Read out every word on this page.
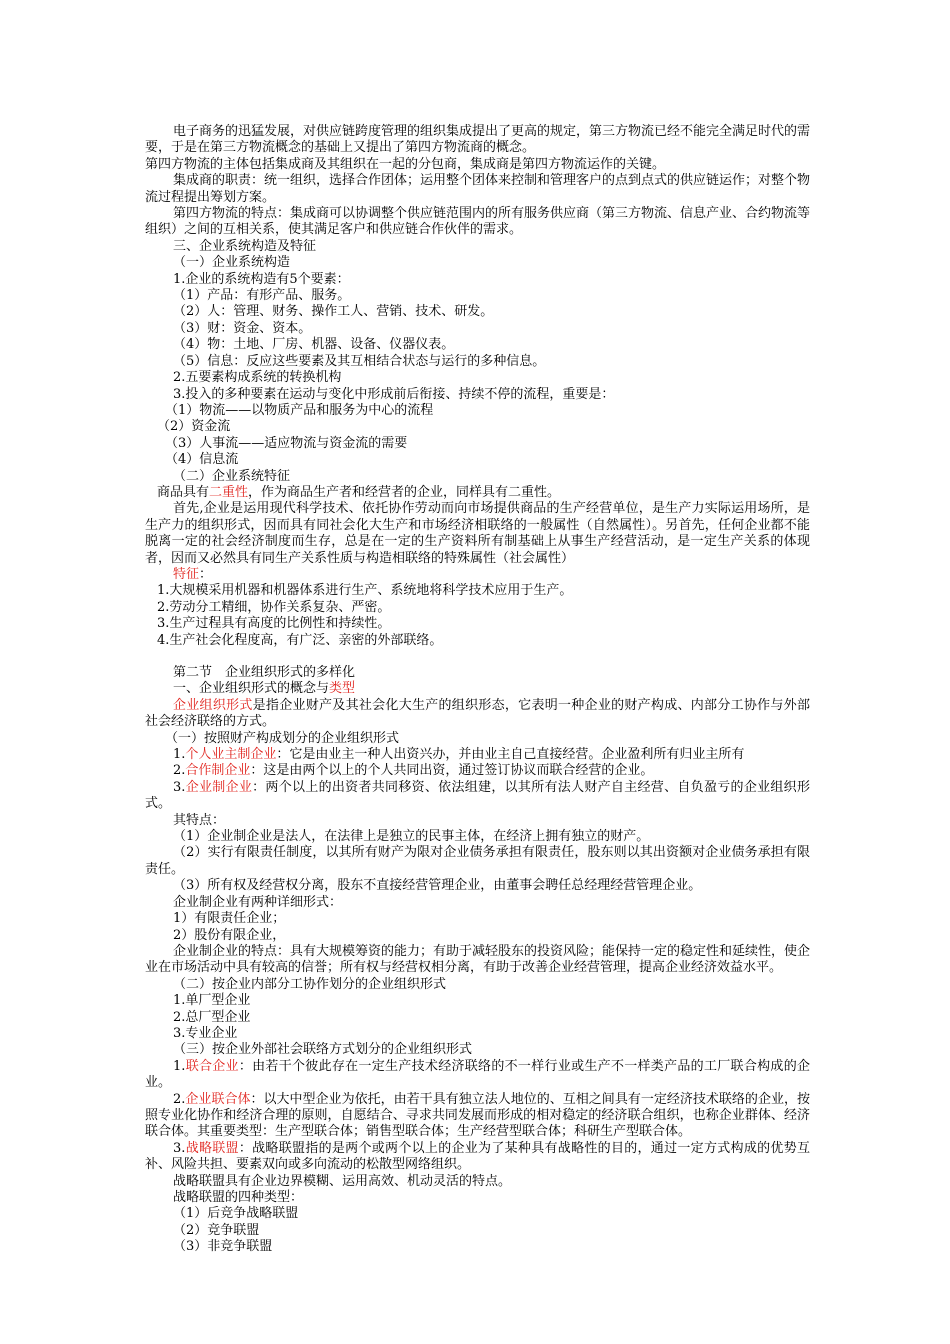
电子商务的迅猛发展，对供应链跨度管理的组织集成提出了更高的规定，第三方物流已经不能完全满足时代的需要，于是在第三方物流概念的基础上又提出了第四方物流商的概念。

第四方物流的主体包括集成商及其组织在一起的分包商，集成商是第四方物流运作的关键。

集成商的职责：统一组织，选择合作团体；运用整个团体来控制和管理客户的点到点式的供应链运作；对整个物流过程提出筹划方案。

第四方物流的特点：集成商可以协调整个供应链范围内的所有服务供应商（第三方物流、信息产业、合约物流等组织）之间的互相关系，使其满足客户和供应链合作伙伴的需求。

三、企业系统构造及特征

（一）企业系统构造

1.企业的系统构造有5个要素：

（1）产品：有形产品、服务。

（2）人：管理、财务、操作工人、营销、技术、研发。

（3）财：资金、资本。

（4）物：土地、厂房、机器、设备、仪器仪表。

（5）信息：反应这些要素及其互相结合状态与运行的多种信息。

2.五要素构成系统的转换机构

3.投入的多种要素在运动与变化中形成前后衔接、持续不停的流程，重要是：

（1）物流——以物质产品和服务为中心的流程

（2）资金流

（3）人事流——适应物流与资金流的需要

（4）信息流

（二）企业系统特征

商品具有二重性，作为商品生产者和经营者的企业，同样具有二重性。

首先,企业是运用现代科学技术、依托协作劳动而向市场提供商品的生产经营单位，是生产力实际运用场所，是生产力的组织形式，因而具有同社会化大生产和市场经济相联络的一般属性（自然属性）。另首先，任何企业都不能脱离一定的社会经济制度而生存，总是在一定的生产资料所有制基础上从事生产经营活动，是一定生产关系的体现者，因而又必然具有同生产关系性质与构造相联络的特殊属性（社会属性）

特征：

1.大规模采用机器和机器体系进行生产、系统地将科学技术应用于生产。

2.劳动分工精细，协作关系复杂、严密。

3.生产过程具有高度的比例性和持续性。

4.生产社会化程度高，有广泛、亲密的外部联络。

第二节　企业组织形式的多样化

一、企业组织形式的概念与类型

企业组织形式是指企业财产及其社会化大生产的组织形态，它表明一种企业的财产构成、内部分工协作与外部社会经济联络的方式。

（一）按照财产构成划分的企业组织形式

1.个人业主制企业：它是由业主一种人出资兴办，并由业主自己直接经营。企业盈利所有归业主所有

2.合作制企业：这是由两个以上的个人共同出资，通过签订协议而联合经营的企业。

3.企业制企业：两个以上的出资者共同移资、依法组建，以其所有法人财产自主经营、自负盈亏的企业组织形式。

其特点：

（1）企业制企业是法人，在法律上是独立的民事主体，在经济上拥有独立的财产。

（2）实行有限责任制度，以其所有财产为限对企业债务承担有限责任，股东则以其出资额对企业债务承担有限责任。

（3）所有权及经营权分离，股东不直接经营管理企业，由董事会聘任总经理经营管理企业。

企业制企业有两种详细形式：

1）有限责任企业；

2）股份有限企业，

企业制企业的特点：具有大规模筹资的能力；有助于减轻股东的投资风险；能保持一定的稳定性和延续性，使企业在市场活动中具有较高的信誉；所有权与经营权相分离，有助于改善企业经营管理，提高企业经济效益水平。

（二）按企业内部分工协作划分的企业组织形式

1.单厂型企业

2.总厂型企业

3.专业企业

（三）按企业外部社会联络方式划分的企业组织形式

1.联合企业：由若干个彼此存在一定生产技术经济联络的不一样行业或生产不一样类产品的工厂联合构成的企业。

2.企业联合体：以大中型企业为依托，由若干具有独立法人地位的、互相之间具有一定经济技术联络的企业，按照专业化协作和经济合理的原则，自愿结合、寻求共同发展而形成的相对稳定的经济联合组织，也称企业群体、经济联合体。其重要类型：生产型联合体；销售型联合体；生产经营型联合体；科研生产型联合体。

3.战略联盟：战略联盟指的是两个或两个以上的企业为了某种具有战略性的目的，通过一定方式构成的优势互补、风险共担、要素双向或多向流动的松散型网络组织。

战略联盟具有企业边界模糊、运用高效、机动灵活的特点。

战略联盟的四种类型：

（1）后竞争战略联盟

（2）竞争联盟

（3）非竞争联盟
